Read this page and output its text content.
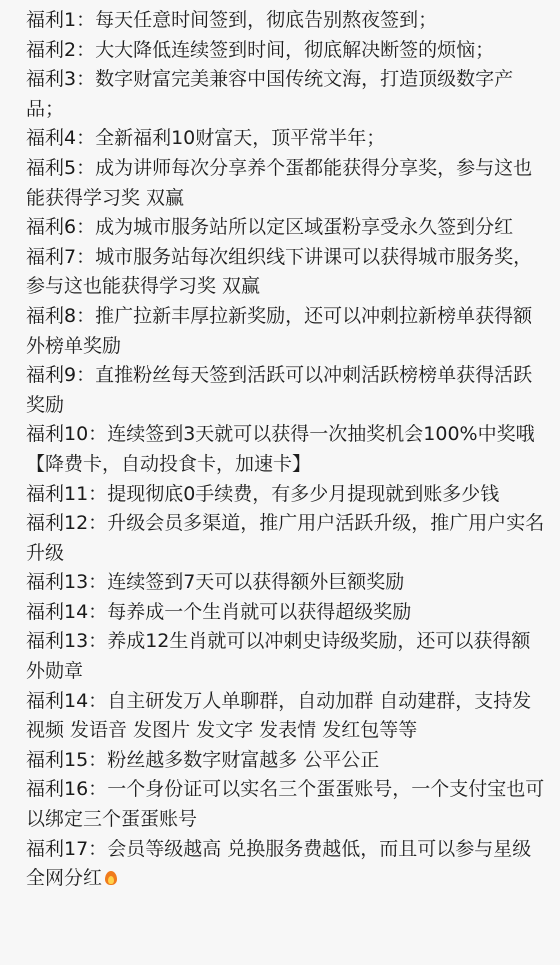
福利1：每天任意时间签到，彻底告别熬夜签到；

福利2：大大降低连续签到时间，彻底解决断签的烦恼；

福利3：数字财富完美兼容中国传统文海，打造顶级数字产品；

福利4：全新福利10财富天，顶平常半年；

福利5：成为讲师每次分享养个蛋都能获得分享奖，参与这也能获得学习奖 双赢

福利6：成为城市服务站所以定区域蛋粉享受永久签到分红

福利7：城市服务站每次组织线下讲课可以获得城市服务奖，参与这也能获得学习奖 双赢

福利8：推广拉新丰厚拉新奖励，还可以冲刺拉新榜单获得额外榜单奖励

福利9：直推粉丝每天签到活跃可以冲刺活跃榜榜单获得活跃奖励

福利10：连续签到3天就可以获得一次抽奖机会100%中奖哦【降费卡，自动投食卡，加速卡】

福利11：提现彻底0手续费，有多少月提现就到账多少钱

福利12：升级会员多渠道，推广用户活跃升级，推广用户实名升级

福利13：连续签到7天可以获得额外巨额奖励

福利14：每养成一个生肖就可以获得超级奖励

福利13：养成12生肖就可以冲刺史诗级奖励，还可以获得额外勋章

福利14：自主研发万人单聊群，自动加群 自动建群，支持发视频 发语音 发图片 发文字 发表情 发红包等等

福利15：粉丝越多数字财富越多 公平公正

福利16：一个身份证可以实名三个蛋蛋账号，一个支付宝也可以绑定三个蛋蛋账号

福利17：会员等级越高 兑换服务费越低，而且可以参与星级全网分红
